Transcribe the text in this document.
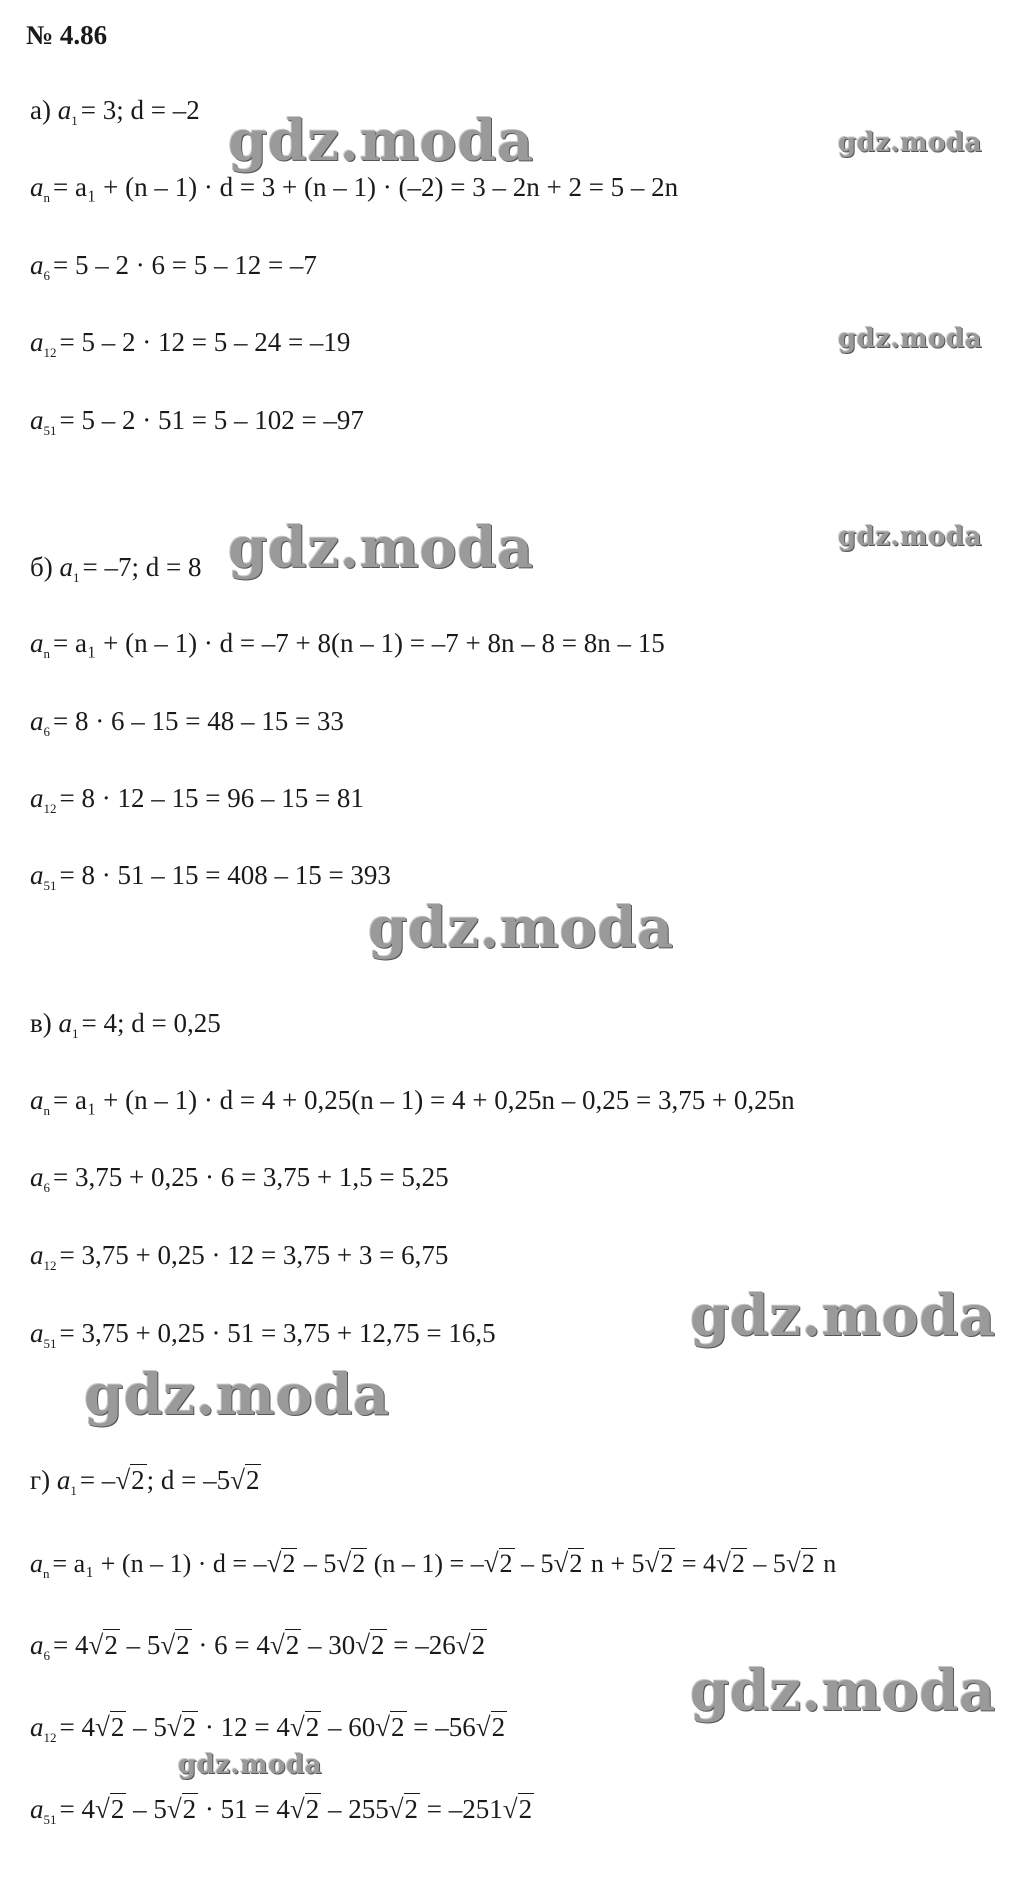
№ 4.86
а) $a_1 = 3$; d = –2
$a_n = a_1 + (n - 1) \cdot d = 3 + (n - 1) \cdot (-2) = 3 - 2n + 2 = 5 - 2n$
$a_6 = 5 - 2 \cdot 6 = 5 - 12 = -7$
$a_{12} = 5 - 2 \cdot 12 = 5 - 24 = -19$
$a_{51} = 5 - 2 \cdot 51 = 5 - 102 = -97$
б) $a_1 = -7$; d = 8
$a_n = a_1 + (n - 1) \cdot d = -7 + 8(n - 1) = -7 + 8n - 8 = 8n - 15$
$a_6 = 8 \cdot 6 - 15 = 48 - 15 = 33$
$a_{12} = 8 \cdot 12 - 15 = 96 - 15 = 81$
$a_{51} = 8 \cdot 51 - 15 = 408 - 15 = 393$
в) $a_1 = 4$; d = 0,25
$a_n = a_1 + (n - 1) \cdot d = 4 + 0,25(n - 1) = 4 + 0,25n - 0,25 = 3,75 + 0,25n$
$a_6 = 3,75 + 0,25 \cdot 6 = 3,75 + 1,5 = 5,25$
$a_{12} = 3,75 + 0,25 \cdot 12 = 3,75 + 3 = 6,75$
$a_{51} = 3,75 + 0,25 \cdot 51 = 3,75 + 12,75 = 16,5$
г) $a_1 = -√2$; d = –5√2
$a_n = a_1 + (n - 1) \cdot d = -√2 - 5√2$ (n – 1) = –√2 – 5√2 n + 5√2 = 4√2 – 5√2 n
$a_6 = 4√2 - 5√2 \cdot 6 = 4√2 - 30√2 = -26√2$
$a_{12} = 4√2 - 5√2 \cdot 12 = 4√2 - 60√2 = -56√2$
$a_{51} = 4√2 - 5√2 \cdot 51 = 4√2 - 255√2 = -251√2$
gdz.moda	gdz.moda
gdz.moda
gdz.moda
gdz.moda
gdz.moda
gdz.moda
gdz.moda
gdz.moda
gdz.moda
